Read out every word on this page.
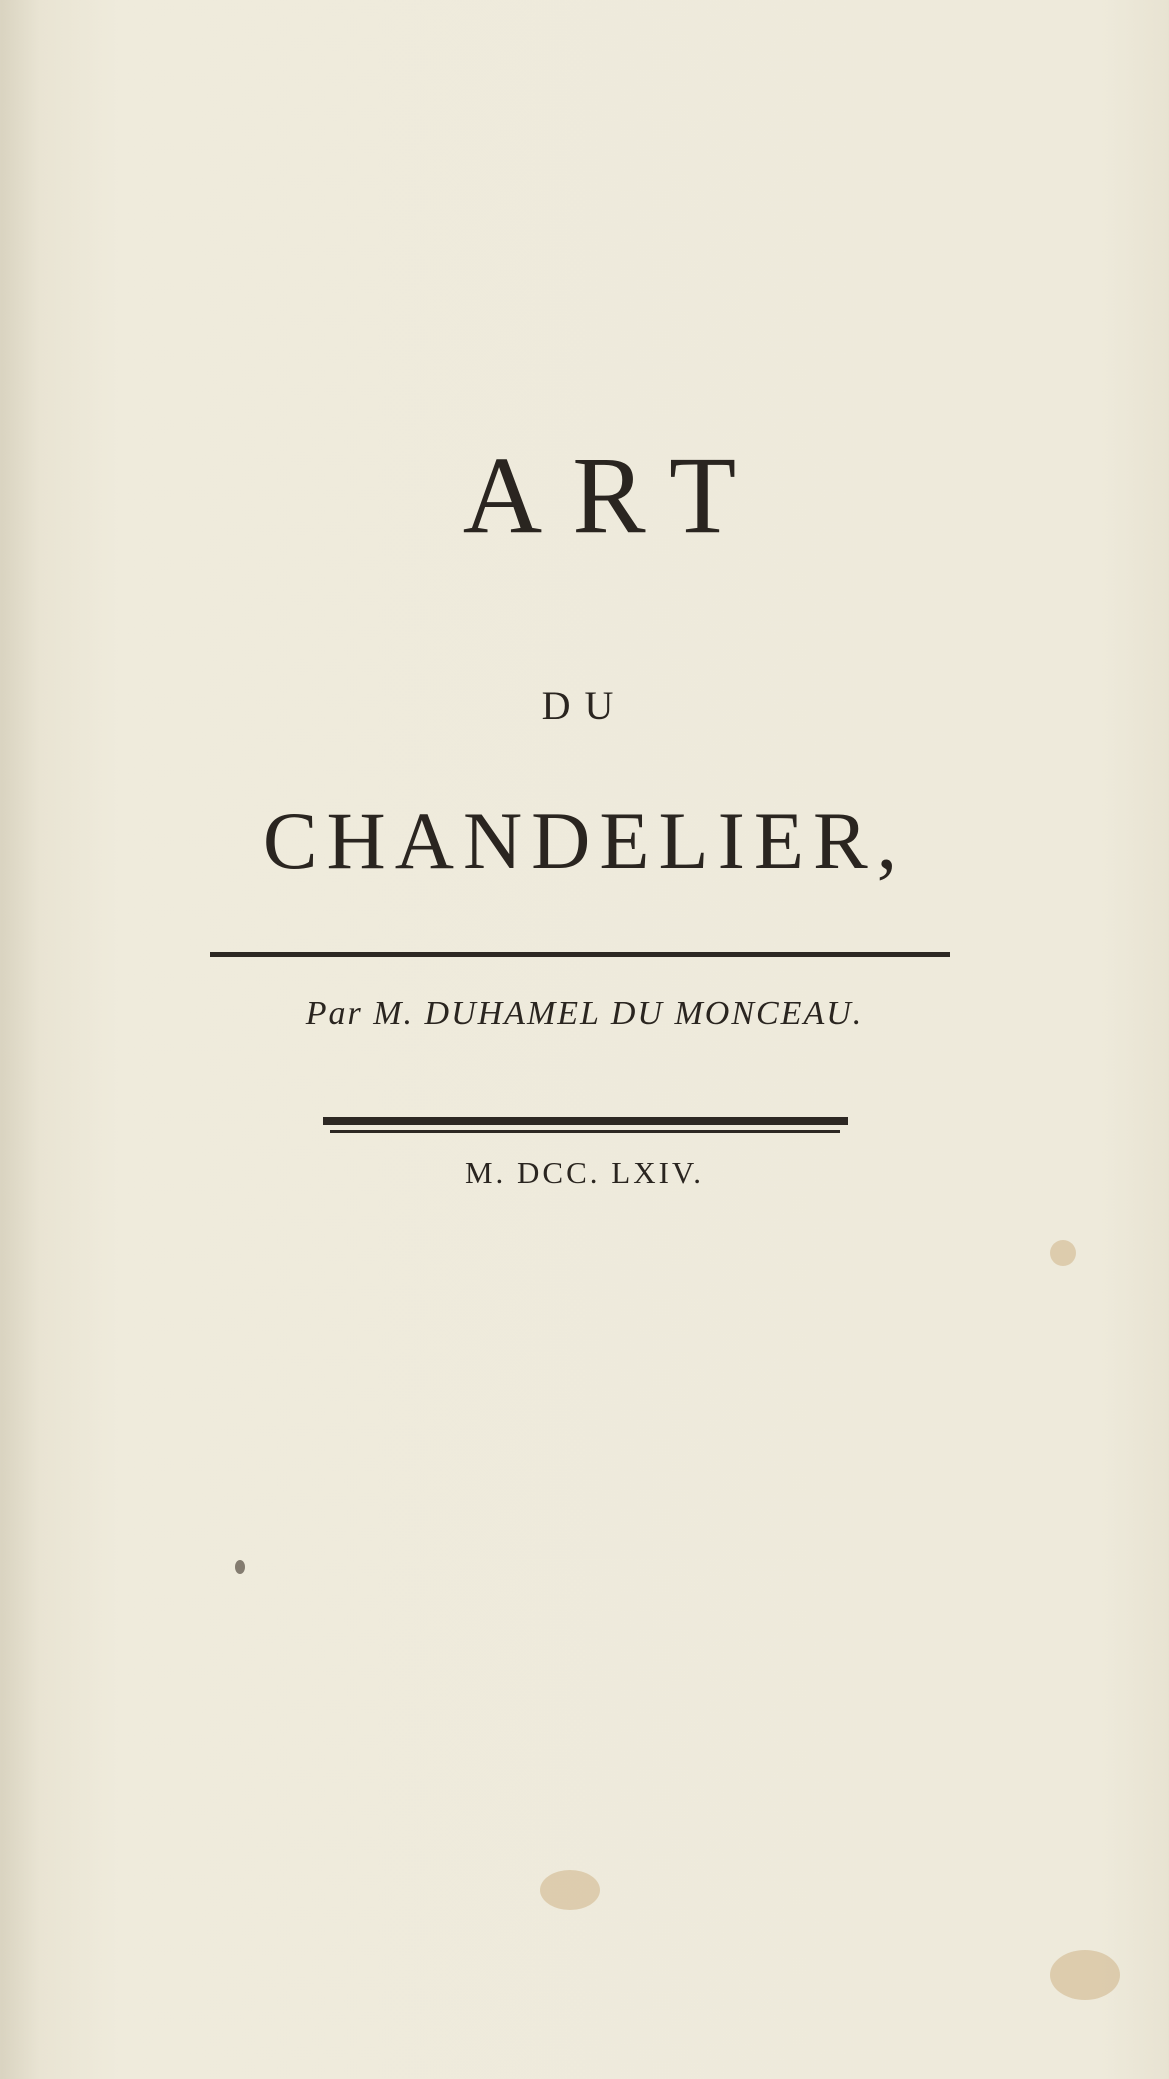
ART
DU
CHANDELIER,
Par M. DUHAMEL DU MONCEAU.
M. DCC. LXIV.
